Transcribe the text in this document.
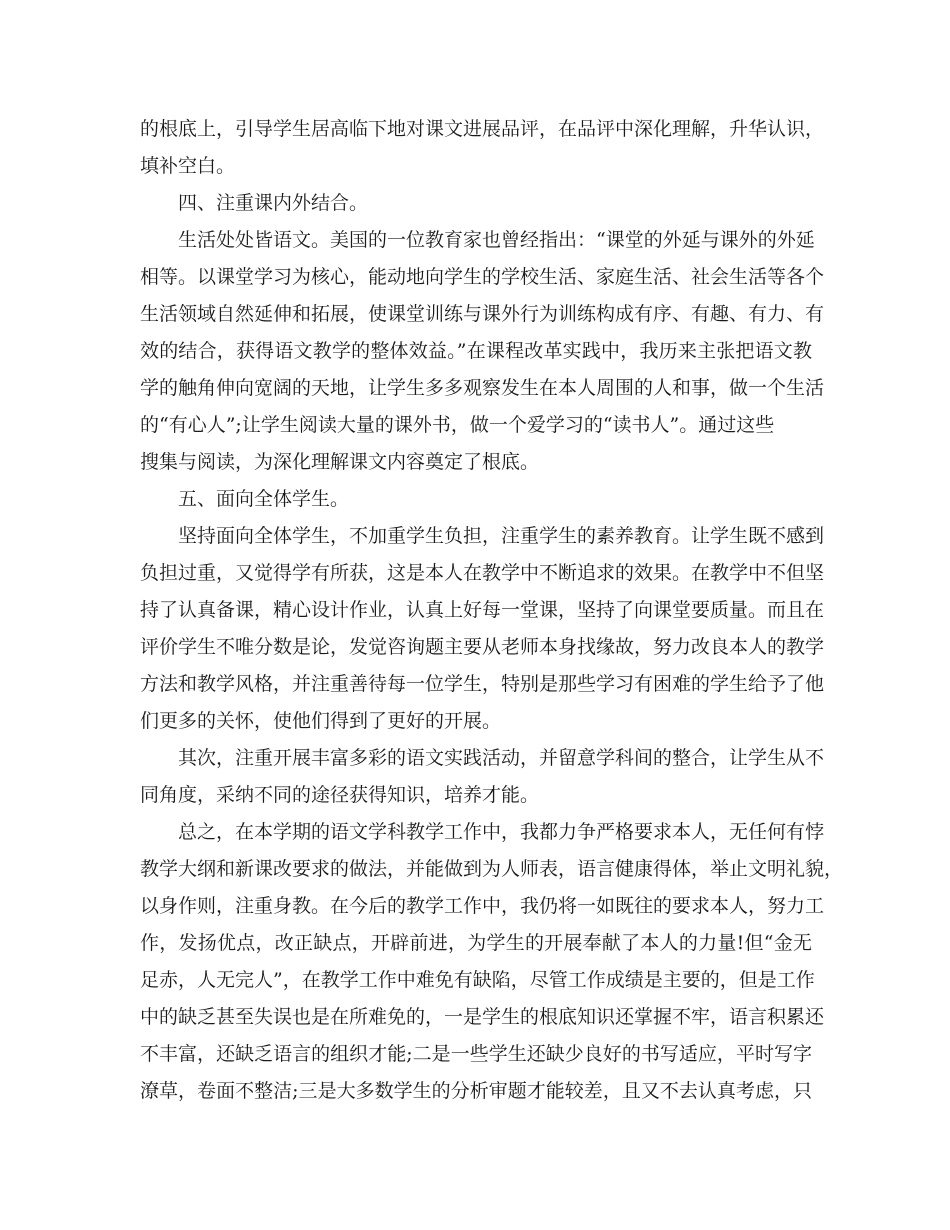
的根底上，引导学生居高临下地对课文进展品评，在品评中深化理解，升华认识，
填补空白。
四、注重课内外结合。
生活处处皆语文。美国的一位教育家也曾经指出：“课堂的外延与课外的外延
相等。以课堂学习为核心，能动地向学生的学校生活、家庭生活、社会生活等各个
生活领域自然延伸和拓展，使课堂训练与课外行为训练构成有序、有趣、有力、有
效的结合，获得语文教学的整体效益。”在课程改革实践中，我历来主张把语文教
学的触角伸向宽阔的天地，让学生多多观察发生在本人周围的人和事，做一个生活
的“有心人”;让学生阅读大量的课外书，做一个爱学习的“读书人”。通过这些
搜集与阅读，为深化理解课文内容奠定了根底。
五、面向全体学生。
坚持面向全体学生，不加重学生负担，注重学生的素养教育。让学生既不感到
负担过重，又觉得学有所获，这是本人在教学中不断追求的效果。在教学中不但坚
持了认真备课，精心设计作业，认真上好每一堂课，坚持了向课堂要质量。而且在
评价学生不唯分数是论，发觉咨询题主要从老师本身找缘故，努力改良本人的教学
方法和教学风格，并注重善待每一位学生，特别是那些学习有困难的学生给予了他
们更多的关怀，使他们得到了更好的开展。
其次，注重开展丰富多彩的语文实践活动，并留意学科间的整合，让学生从不
同角度，采纳不同的途径获得知识，培养才能。
总之，在本学期的语文学科教学工作中，我都力争严格要求本人，无任何有悖
教学大纲和新课改要求的做法，并能做到为人师表，语言健康得体，举止文明礼貌，
以身作则，注重身教。在今后的教学工作中，我仍将一如既往的要求本人，努力工
作，发扬优点，改正缺点，开辟前进，为学生的开展奉献了本人的力量!但“金无
足赤，人无完人”，在教学工作中难免有缺陷，尽管工作成绩是主要的，但是工作
中的缺乏甚至失误也是在所难免的，一是学生的根底知识还掌握不牢，语言积累还
不丰富，还缺乏语言的组织才能;二是一些学生还缺少良好的书写适应，平时写字
潦草，卷面不整洁;三是大多数学生的分析审题才能较差，且又不去认真考虑，只
